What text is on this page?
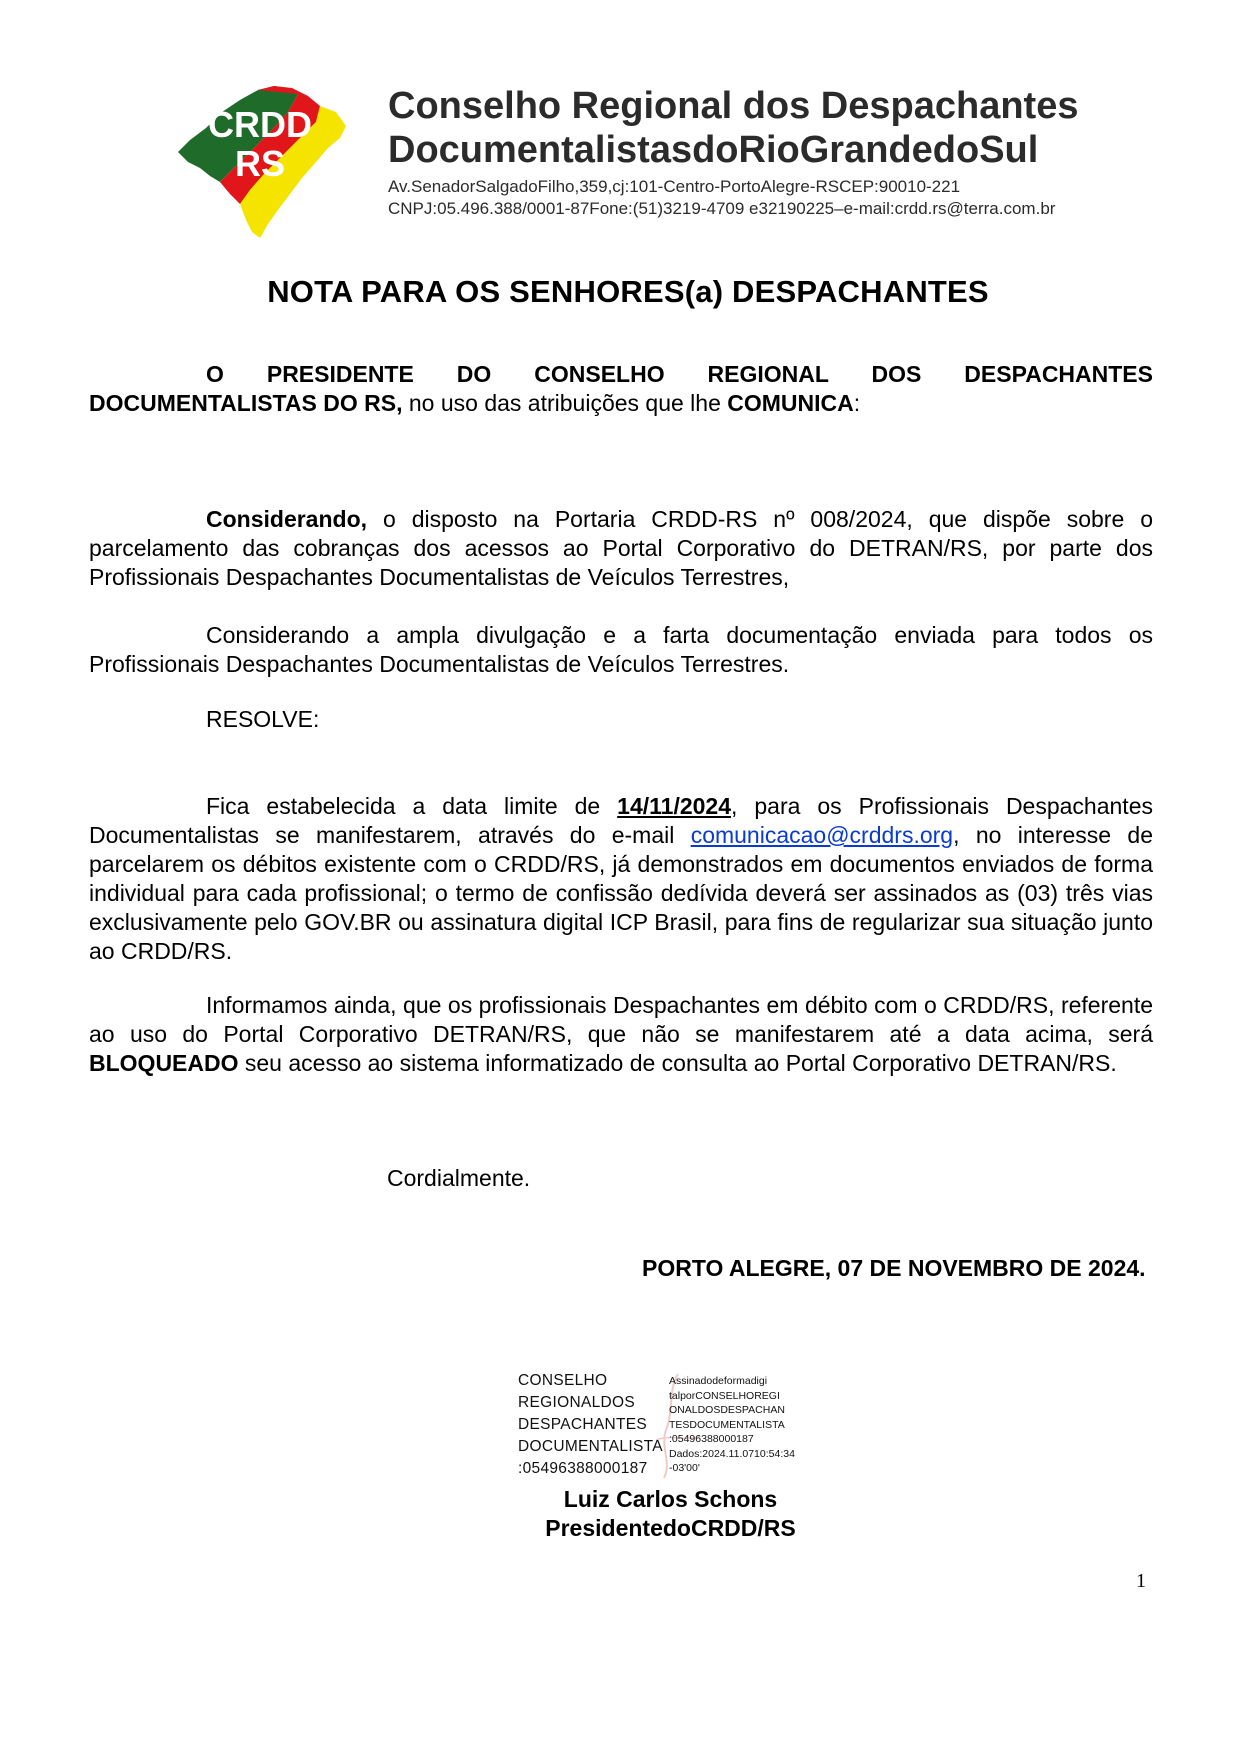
CRDD
RS
Conselho Regional dos Despachantes
DocumentalistasdoRioGrandedoSul
Av.SenadorSalgadoFilho,359,cj:101-Centro-PortoAlegre-RSCEP:90010-221
CNPJ:05.496.388/0001-87Fone:(51)3219-4709 e32190225–e-mail:crdd.rs@terra.com.br
NOTA PARA OS SENHORES(a) DESPACHANTES
O PRESIDENTE DO CONSELHO REGIONAL DOS DESPACHANTES DOCUMENTALISTAS DO RS, no uso das atribuições que lhe COMUNICA:
Considerando, o disposto na Portaria CRDD-RS nº 008/2024, que dispõe sobre o parcelamento das cobranças dos acessos ao Portal Corporativo do DETRAN/RS, por parte dos Profissionais Despachantes Documentalistas de Veículos Terrestres,
Considerando a ampla divulgação e a farta documentação enviada para todos os Profissionais Despachantes Documentalistas de Veículos Terrestres.
RESOLVE:
Fica estabelecida a data limite de 14/11/2024, para os Profissionais Despachantes Documentalistas se manifestarem, através do e-mail comunicacao@crddrs.org, no interesse de parcelarem os débitos existente com o CRDD/RS, já demonstrados em documentos enviados de forma individual para cada profissional; o termo de confissão dedívida deverá ser assinados as (03) três vias exclusivamente pelo GOV.BR ou assinatura digital ICP Brasil, para fins de regularizar sua situação junto ao CRDD/RS.
Informamos ainda, que os profissionais Despachantes em débito com o CRDD/RS, referente ao uso do Portal Corporativo DETRAN/RS, que não se manifestarem até a data acima, será BLOQUEADO seu acesso ao sistema informatizado de consulta ao Portal Corporativo DETRAN/RS.
Cordialmente.
PORTO ALEGRE, 07 DE NOVEMBRO DE 2024.
CONSELHO
REGIONALDOS
DESPACHANTES
DOCUMENTALISTA
:05496388000187
Assinadodeformadigi
talporCONSELHOREGI
ONALDOSDESPACHAN
TESDOCUMENTALISTA
:05496388000187
Dados:2024.11.0710:54:34
-03'00'
Luiz Carlos Schons
PresidentedoCRDD/RS
1
